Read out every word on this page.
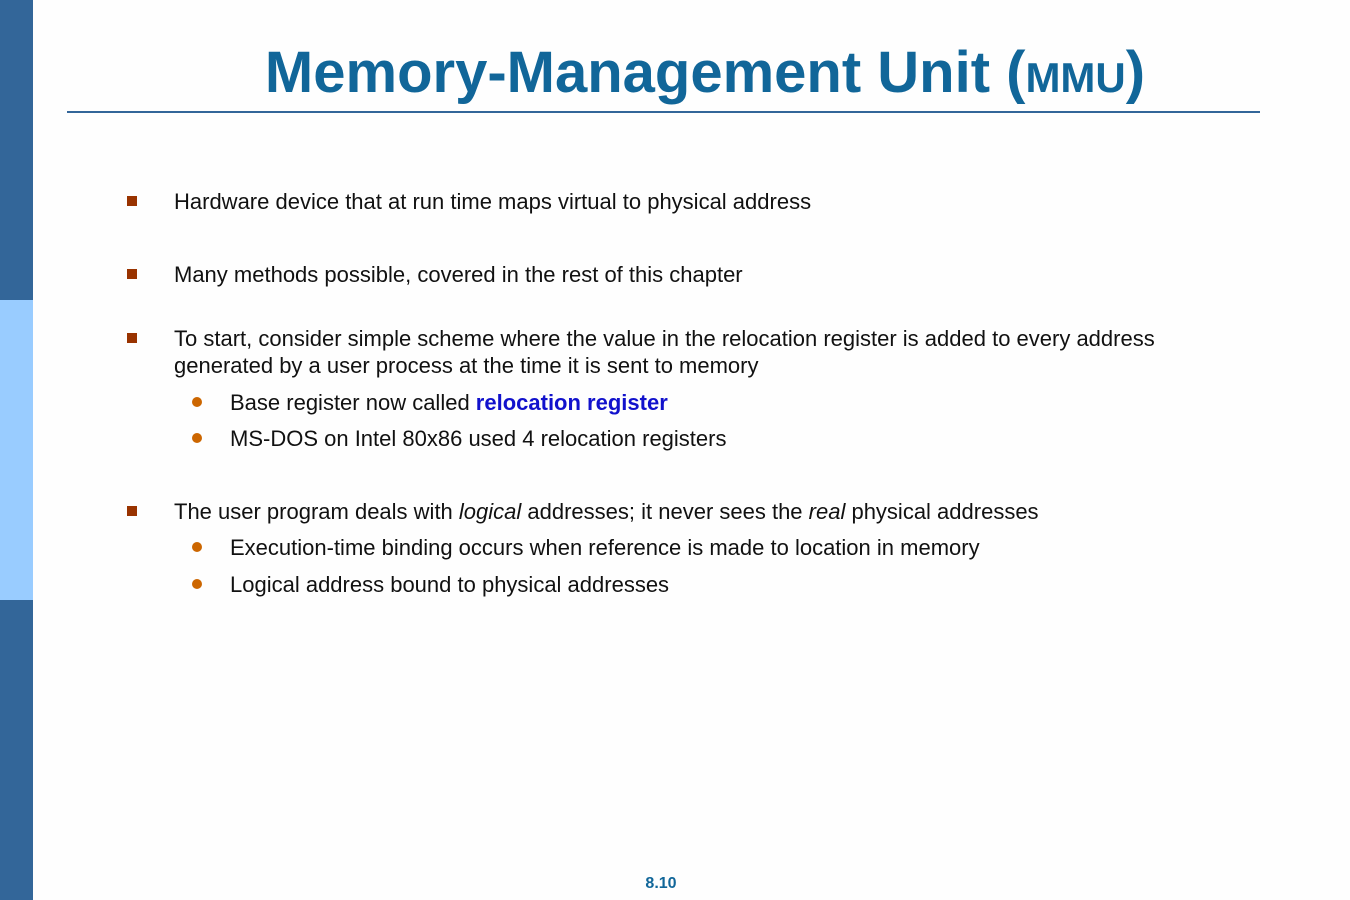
Memory-Management Unit (MMU)
Hardware device that at run time maps virtual to physical address
Many methods possible, covered in the rest of this chapter
To start, consider simple scheme where the value in the relocation register is added to every address
generated by a user process at the time it is sent to memory
Base register now called relocation register
MS-DOS on Intel 80x86 used 4 relocation registers
The user program deals with logical addresses; it never sees the real physical addresses
Execution-time binding occurs when reference is made to location in memory
Logical address bound to physical addresses
8.10
